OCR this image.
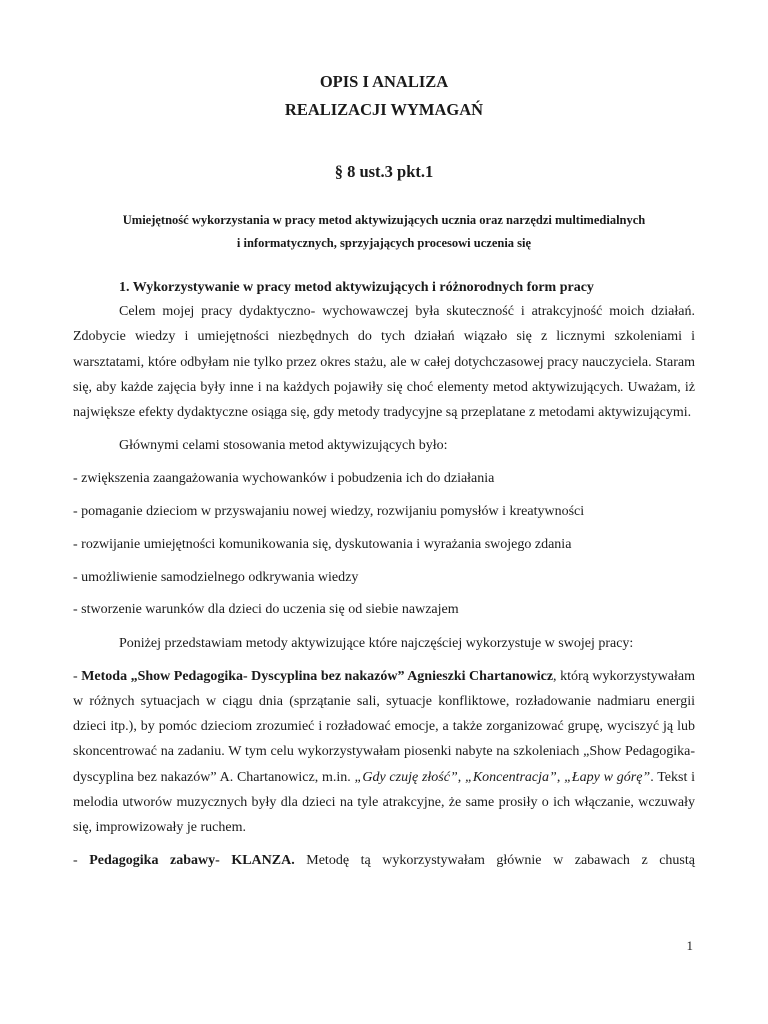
OPIS I ANALIZA

REALIZACJI WYMAGAŃ

§ 8 ust.3 pkt.1

Umiejętność wykorzystania w pracy metod aktywizujących ucznia oraz narzędzi multimedialnych
i informatycznych, sprzyjających procesowi uczenia się
1. Wykorzystywanie w pracy metod aktywizujących i różnorodnych form pracy

Celem mojej pracy dydaktyczno- wychowawczej była skuteczność i atrakcyjność moich działań. Zdobycie wiedzy i umiejętności niezbędnych do tych działań wiązało się z licznymi szkoleniami i warsztatami, które odbyłam nie tylko przez okres stażu, ale w całej dotychczasowej pracy nauczyciela. Staram się, aby każde zajęcia były inne i na każdych pojawiły się choć elementy metod aktywizujących. Uważam, iż największe efekty dydaktyczne osiąga się, gdy metody tradycyjne są przeplatane z metodami aktywizującymi.

Głównymi celami stosowania metod aktywizujących było:

- zwiększenia zaangażowania wychowanków i pobudzenia ich do działania

- pomaganie dzieciom w przyswajaniu nowej wiedzy, rozwijaniu pomysłów i kreatywności

- rozwijanie umiejętności komunikowania się, dyskutowania i wyrażania swojego zdania

- umożliwienie samodzielnego odkrywania wiedzy

- stworzenie warunków dla dzieci do uczenia się od siebie nawzajem

Poniżej przedstawiam metody aktywizujące które najczęściej wykorzystuje w swojej pracy:

- Metoda „Show Pedagogika- Dyscyplina bez nakazów” Agnieszki Chartanowicz, którą wykorzystywałam w różnych sytuacjach w ciągu dnia (sprzątanie sali, sytuacje konfliktowe, rozładowanie nadmiaru energii dzieci itp.), by pomóc dzieciom zrozumieć i rozładować emocje, a także zorganizować grupę, wyciszyć ją lub skoncentrować na zadaniu. W tym celu wykorzystywałam piosenki nabyte na szkoleniach „Show Pedagogika- dyscyplina bez nakazów” A. Chartanowicz, m.in. „Gdy czuję złość”, „Koncentracja”, „Łapy w górę”. Tekst i melodia utworów muzycznych były dla dzieci na tyle atrakcyjne, że same prosiły o ich włączanie, wczuwały się, improwizowały je ruchem.

- Pedagogika zabawy- KLANZA. Metodę tą wykorzystywałam głównie w zabawach z chustą

1
